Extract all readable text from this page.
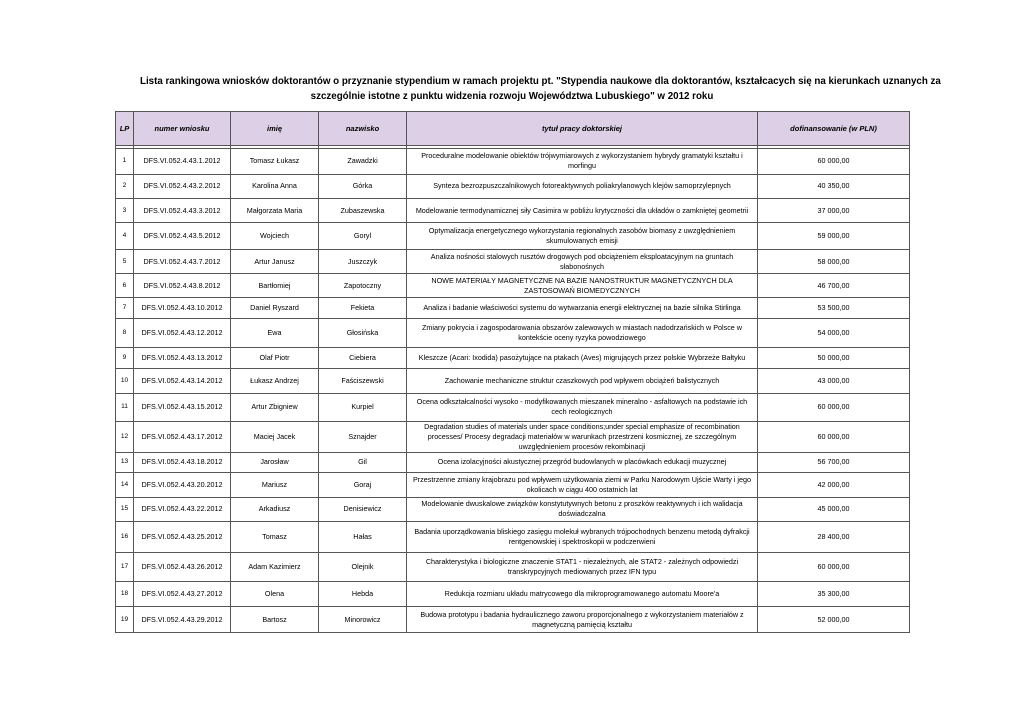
Lista rankingowa wniosków doktorantów o przyznanie stypendium w ramach projektu pt. "Stypendia naukowe dla doktorantów, kształcacych się na kierunkach uznanych za
szczególnie istotne z punktu widzenia rozwoju Województwa Lubuskiego" w 2012 roku
LP	numer wniosku	imię	nazwisko	tytuł pracy doktorskiej	dofinansowanie (w PLN)

1	DFS.VI.052.4.43.1.2012	Tomasz Łukasz	Zawadzki	Proceduralne modelowanie obiektów trójwymiarowych z wykorzystaniem hybrydy gramatyki kształtu i morfingu	60 000,00
2	DFS.VI.052.4.43.2.2012	Karolina Anna	Górka	Synteza bezrozpuszczalnikowych fotoreaktywnych poliakrylanowych klejów samoprzylepnych	40 350,00
3	DFS.VI.052.4.43.3.2012	Małgorzata Maria	Zubaszewska	Modelowanie termodynamicznej siły Casimira w pobliżu krytyczności dla układów o zamkniętej geometrii	37 000,00
4	DFS.VI.052.4.43.5.2012	Wojciech	Goryl	Optymalizacja energetycznego wykorzystania regionalnych zasobów biomasy z uwzględnieniem skumulowanych emisji	59 000,00
5	DFS.VI.052.4.43.7.2012	Artur Janusz	Juszczyk	Analiza nośności stalowych rusztów drogowych pod obciążeniem eksploatacyjnym na gruntach słabonośnych	58 000,00
6	DFS.VI.052.4.43.8.2012	Bartłomiej	Zapotoczny	NOWE MATERIAŁY MAGNETYCZNE NA BAZIE NANOSTRUKTUR MAGNETYCZNYCH DLA ZASTOSOWAŃ BIOMEDYCZNYCH	46 700,00
7	DFS.VI.052.4.43.10.2012	Daniel Ryszard	Fekieta	Analiza i badanie właściwości systemu do wytwarzania energii elektrycznej na bazie silnika Stirlinga	53 500,00
8	DFS.VI.052.4.43.12.2012	Ewa	Głosińska	Zmiany pokrycia i zagospodarowania obszarów zalewowych w miastach nadodrzańskich w Polsce w kontekście oceny ryzyka powodziowego	54 000,00
9	DFS.VI.052.4.43.13.2012	Olaf Piotr	Ciebiera	Kleszcze (Acari: Ixodida) pasożytujące na ptakach (Aves) migrujących przez polskie Wybrzeże Bałtyku	50 000,00
10	DFS.VI.052.4.43.14.2012	Łukasz Andrzej	Faściszewski	Zachowanie mechaniczne struktur czaszkowych pod wpływem obciążeń balistycznych	43 000,00
11	DFS.VI.052.4.43.15.2012	Artur Zbigniew	Kurpiel	Ocena odkształcalności wysoko - modyfikowanych mieszanek mineralno - asfaltowych na podstawie ich cech reologicznych	60 000,00
12	DFS.VI.052.4.43.17.2012	Maciej Jacek	Sznajder	Degradation studies of materials under space conditions;under special emphasize of recombination processes/ Procesy degradacji materiałów w warunkach przestrzeni kosmicznej, ze szczególnym uwzględnieniem procesów rekombinacji	60 000,00
13	DFS.VI.052.4.43.18.2012	Jarosław	Gil	Ocena izolacyjności akustycznej przegród budowlanych w placówkach edukacji muzycznej	56 700,00
14	DFS.VI.052.4.43.20.2012	Mariusz	Goraj	Przestrzenne zmiany krajobrazu pod wpływem użytkowania ziemi w Parku Narodowym Ujście Warty i jego okolicach w ciągu 400 ostatnich lat	42 000,00
15	DFS.VI.052.4.43.22.2012	Arkadiusz	Denisiewicz	Modelowanie dwuskalowe związków konstytutywnych betonu z proszków reaktywnych i ich walidacja doświadczalna	45 000,00
16	DFS.VI.052.4.43.25.2012	Tomasz	Hałas	Badania uporządkowania bliskiego zasięgu molekuł wybranych trójpochodnych benzenu metodą dyfrakcji rentgenowskiej i spektroskopii w podczerwieni	28 400,00
17	DFS.VI.052.4.43.26.2012	Adam Kazimierz	Olejnik	Charakterystyka i biologiczne znaczenie STAT1 - niezależnych, ale STAT2 - zależnych odpowiedzi transkrypcyjnych mediowanych przez IFN typu	60 000,00
18	DFS.VI.052.4.43.27.2012	Olena	Hebda	Redukcja rozmiaru układu matrycowego dla mikroprogramowanego automatu Moore'a	35 300,00
19	DFS.VI.052.4.43.29.2012	Bartosz	Minorowicz	Budowa prototypu i badania hydraulicznego zaworu proporcjonalnego z wykorzystaniem materiałów z magnetyczną pamięcią kształtu	52 000,00
